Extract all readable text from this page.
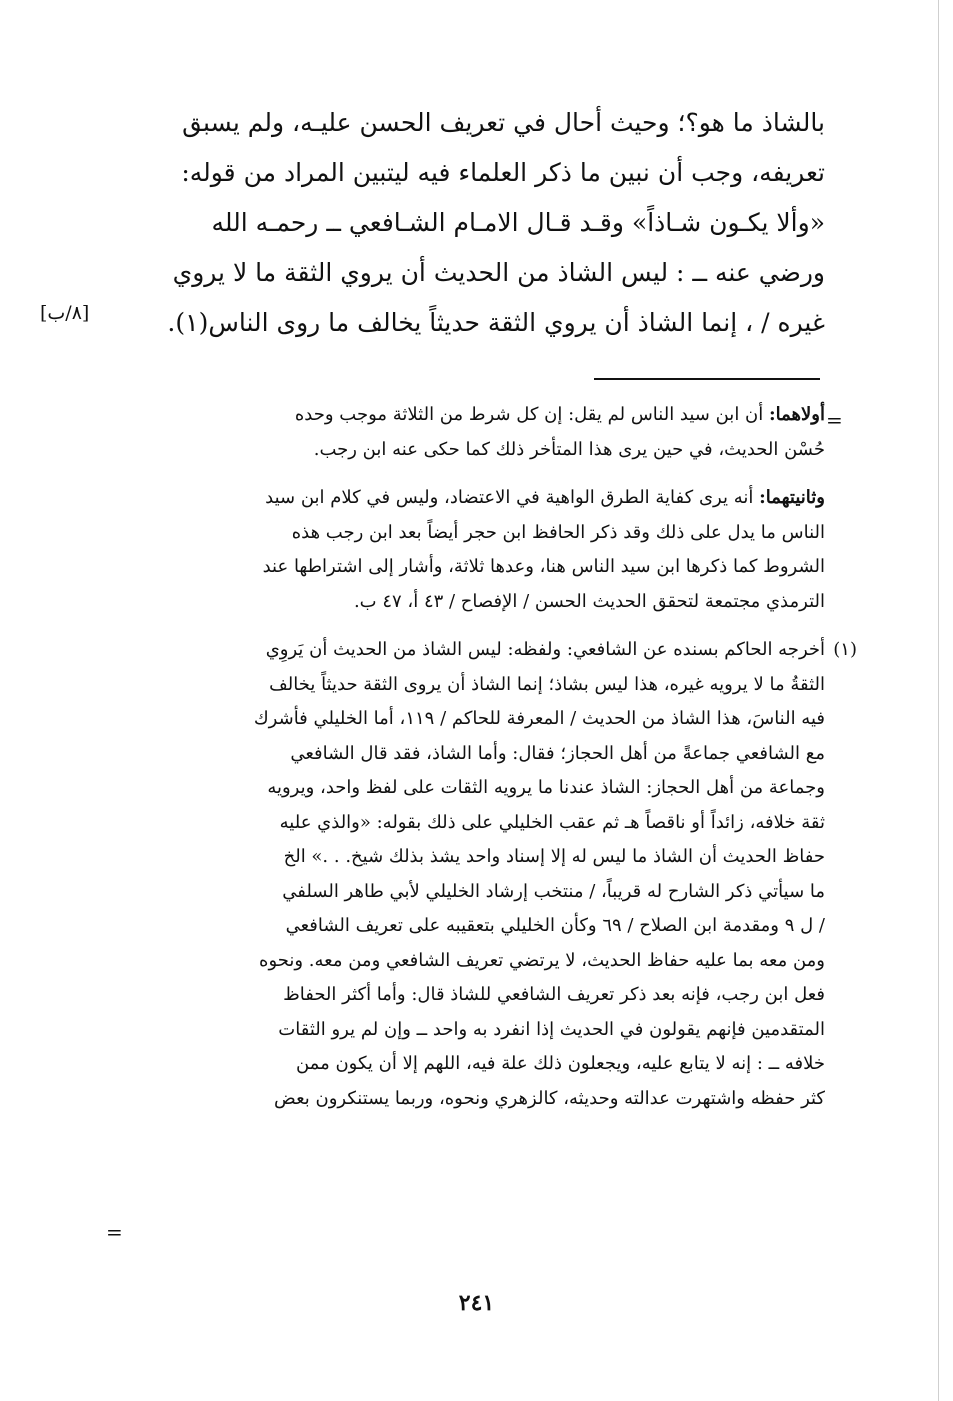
بالشاذ ما هو؟؛ وحيث أحال في تعريف الحسن عليـه، ولم يسبق
تعريفه، وجب أن نبين ما ذكر العلماء فيه ليتبين المراد من قوله:
«وألا يكـون شـاذاً» وقـد قـال الامـام الشـافعي ــ رحمـه الله
ورضي عنه ــ : ليس الشاذ من الحديث أن يروي الثقة ما لا يروي
غيره / ، إنما الشاذ أن يروي الثقة حديثاً يخالف ما روى الناس(١).
[٨/ب]
=
أولاهما: أن ابن سيد الناس لم يقل: إن كل شرط من الثلاثة موجب وحده
حُسْن الحديث، في حين يرى هذا المتأخر ذلك كما حكى عنه ابن رجب.
وثانيتهما: أنه يرى كفاية الطرق الواهية في الاعتضاد، وليس في كلام ابن سيد
الناس ما يدل على ذلك وقد ذكر الحافظ ابن حجر أيضاً بعد ابن رجب هذه
الشروط كما ذكرها ابن سيد الناس هنا، وعدها ثلاثة، وأشار إلى اشتراطها عند
الترمذي مجتمعة لتحقق الحديث الحسن / الإفصاح / ٤٣ أ، ٤٧ ب.
(١)
أخرجه الحاكم بسنده عن الشافعي: ولفظه: ليس الشاذ من الحديث أن يَروِي
الثقةُ ما لا يرويه غيره، هذا ليس بشاذ؛ إنما الشاذ أن يروى الثقة حديثاً يخالف
فيه الناسَ، هذا الشاذ من الحديث / المعرفة للحاكم / ١١٩، أما الخليلي فأشرك
مع الشافعي جماعةً من أهل الحجاز؛ فقال: وأما الشاذ، فقد قال الشافعي
وجماعة من أهل الحجاز: الشاذ عندنا ما يرويه الثقات على لفظ واحد، ويرويه
ثقة خلافه، زائداً أو ناقصاً هـ ثم عقب الخليلي على ذلك بقوله: «والذي عليه
حفاظ الحديث أن الشاذ ما ليس له إلا إسناد واحد يشذ بذلك شيخ. . .» الخ
ما سيأتي ذكر الشارح له قريباً، / منتخب إرشاد الخليلي لأبي طاهر السلفي
/ ل ٩ ومقدمة ابن الصلاح / ٦٩ وكأن الخليلي بتعقيبه على تعريف الشافعي
ومن معه بما عليه حفاظ الحديث، لا يرتضي تعريف الشافعي ومن معه. ونحوه
فعل ابن رجب، فإنه بعد ذكر تعريف الشافعي للشاذ قال: وأما أكثر الحفاظ
المتقدمين فإنهم يقولون في الحديث إذا انفرد به واحد ــ وإن لم يرو الثقات
خلافه ــ : إنه لا يتابع عليه، ويجعلون ذلك علة فيه، اللهم إلا أن يكون ممن
كثر حفظه واشتهرت عدالته وحديثه، كالزهري ونحوه، وربما يستنكرون بعض
=
٢٤١
